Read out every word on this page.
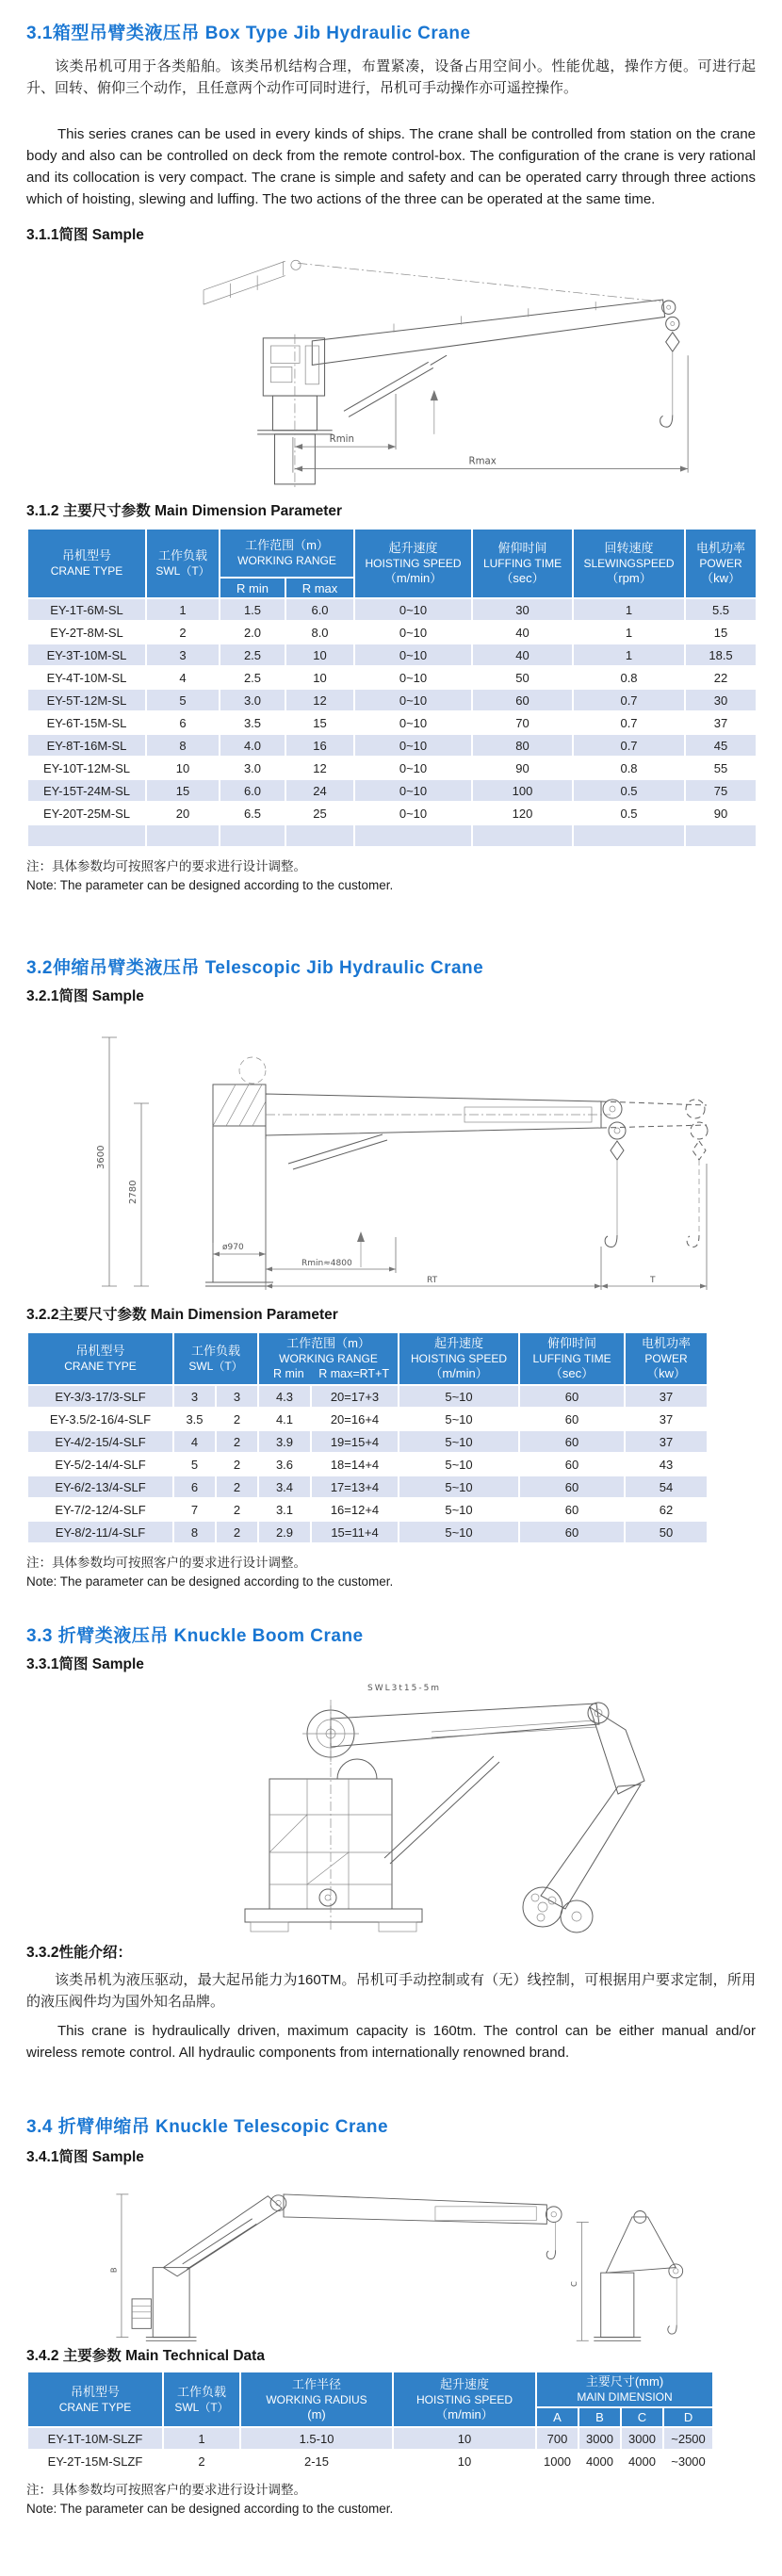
3.1箱型吊臂类液压吊 Box Type Jib Hydraulic Crane

该类吊机可用于各类船舶。该类吊机结构合理，布置紧凑，设备占用空间小。性能优越，操作方便。可进行起升、回转、俯仰三个动作，且任意两个动作可同时进行，吊机可手动操作亦可遥控操作。

This series cranes can be used in every kinds of ships. The crane shall be controlled from station on the crane body and also can be controlled on deck from the remote control-box. The configuration of the crane is very rational and its collocation is very compact. The crane is simple and safety and can be operated carry through three actions which of hoisting, slewing and luffing. The two actions of the three can be operated at the same time.

3.1.1简图 Sample
Rmin
Rmax
3.1.2 主要尺寸参数 Main Dimension Parameter
吊机型号
CRANE TYPE

工作负载
SWL（T）

工作范围（m）
WORKING RANGE

起升速度
HOISTING SPEED
（m/min）

俯仰时间
LUFFING TIME
（sec）

回转速度
SLEWINGSPEED
（rpm）

电机功率
POWER
（kw）

		R min	R max				
EY-1T-6M-SL	1	1.5	6.0	0~10	30	1	5.5
EY-2T-8M-SL	2	2.0	8.0	0~10	40	1	15
EY-3T-10M-SL	3	2.5	10	0~10	40	1	18.5
EY-4T-10M-SL	4	2.5	10	0~10	50	0.8	22
EY-5T-12M-SL	5	3.0	12	0~10	60	0.7	30
EY-6T-15M-SL	6	3.5	15	0~10	70	0.7	37
EY-8T-16M-SL	8	4.0	16	0~10	80	0.7	45
EY-10T-12M-SL	10	3.0	12	0~10	90	0.8	55
EY-15T-24M-SL	15	6.0	24	0~10	100	0.5	75
EY-20T-25M-SL	20	6.5	25	0~10	120	0.5	90

注：具体参数均可按照客户的要求进行设计调整。

Note: The parameter can be designed according to the customer.

3.2伸缩吊臂类液压吊 Telescopic Jib Hydraulic Crane
3.2.1简图 Sample
3600
2780
ø970
Rmin≈4800
RT	T
3.2.2主要尺寸参数 Main Dimension Parameter
吊机型号
CRANE TYPE

工作负载
SWL（T）

工作范围（m）
WORKING RANGE
R min R max=RT+T

起升速度
HOISTING SPEED
（m/min）

俯仰时间
LUFFING TIME
（sec）

电机功率
POWER
（kw）

EY-3/3-17/3-SLF	3	3	4.3	20=17+3	5~10	60	37
EY-3.5/2-16/4-SLF	3.5	2	4.1	20=16+4	5~10	60	37
EY-4/2-15/4-SLF	4	2	3.9	19=15+4	5~10	60	37
EY-5/2-14/4-SLF	5	2	3.6	18=14+4	5~10	60	43
EY-6/2-13/4-SLF	6	2	3.4	17=13+4	5~10	60	54
EY-7/2-12/4-SLF	7	2	3.1	16=12+4	5~10	60	62
EY-8/2-11/4-SLF	8	2	2.9	15=11+4	5~10	60	50

注：具体参数均可按照客户的要求进行设计调整。

Note: The parameter can be designed according to the customer.

3.3 折臂类液压吊 Knuckle Boom Crane
3.3.1简图 Sample
SWL3t15-5m
3.3.2性能介绍：

该类吊机为液压驱动，最大起吊能力为160TM。吊机可手动控制或有（无）线控制，可根据用户要求定制，所用的液压阀件均为国外知名品牌。

This crane is hydraulically driven, maximum capacity is 160tm. The control can be either manual and/or wireless remote control. All hydraulic components from internationally renowned brand.

3.4 折臂伸缩吊 Knuckle Telescopic Crane
3.4.1简图 Sample
B
C
3.4.2 主要参数 Main Technical Data
吊机型号
CRANE TYPE

工作负载
SWL（T）

工作半径
WORKING RADIUS
(m)

起升速度
HOISTING SPEED
（m/min）

主要尺寸(mm)
MAIN DIMENSION

				A	B	C	D
EY-1T-10M-SLZF	1	1.5-10	10	700	3000	3000	~2500
EY-2T-15M-SLZF	2	2-15	10	1000	4000	4000	~3000

注：具体参数均可按照客户的要求进行设计调整。

Note: The parameter can be designed according to the customer.
